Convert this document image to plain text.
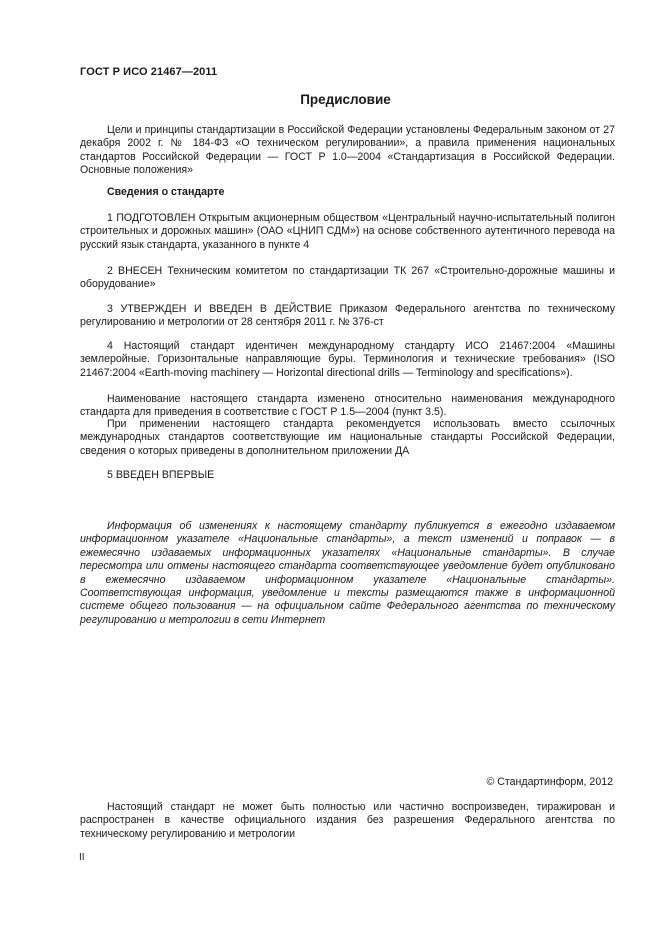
ГОСТ Р ИСО 21467—2011

Предисловие

Цели и принципы стандартизации в Российской Федерации установлены Федеральным законом от 27 декабря 2002 г. № 184-ФЗ «О техническом регулировании», а правила применения национальных стандартов Российской Федерации — ГОСТ Р 1.0—2004 «Стандартизация в Российской Федерации. Основные положения»

Сведения о стандарте

1 ПОДГОТОВЛЕН Открытым акционерным обществом «Центральный научно-испытательный полигон строительных и дорожных машин» (ОАО «ЦНИП СДМ») на основе собственного аутентичного перевода на русский язык стандарта, указанного в пункте 4

2 ВНЕСЕН Техническим комитетом по стандартизации ТК 267 «Строительно-дорожные машины и оборудование»

3 УТВЕРЖДЕН И ВВЕДЕН В ДЕЙСТВИЕ Приказом Федерального агентства по техническому регулированию и метрологии от 28 сентября 2011 г. № 376-ст

4 Настоящий стандарт идентичен международному стандарту ИСО 21467:2004 «Машины землеройные. Горизонтальные направляющие буры. Терминология и технические требования» (ISO 21467:2004 «Earth-moving machinery — Horizontal directional drills — Terminology and specifications»).

Наименование настоящего стандарта изменено относительно наименования международного стандарта для приведения в соответствие с ГОСТ Р 1.5—2004 (пункт 3.5).

При применении настоящего стандарта рекомендуется использовать вместо ссылочных международных стандартов соответствующие им национальные стандарты Российской Федерации, сведения о которых приведены в дополнительном приложении ДА

5 ВВЕДЕН ВПЕРВЫЕ

Информация об изменениях к настоящему стандарту публикуется в ежегодно издаваемом информационном указателе «Национальные стандарты», а текст изменений и поправок — в ежемесячно издаваемых информационных указателях «Национальные стандарты». В случае пересмотра или отмены настоящего стандарта соответствующее уведомление будет опубликовано в ежемесячно издаваемом информационном указателе «Национальные стандарты». Соответствующая информация, уведомление и тексты размещаются также в информационной системе общего пользования — на официальном сайте Федерального агентства по техническому регулированию и метрологии в сети Интернет

© Стандартинформ, 2012

Настоящий стандарт не может быть полностью или частично воспроизведен, тиражирован и распространен в качестве официального издания без разрешения Федерального агентства по техническому регулированию и метрологии

II
